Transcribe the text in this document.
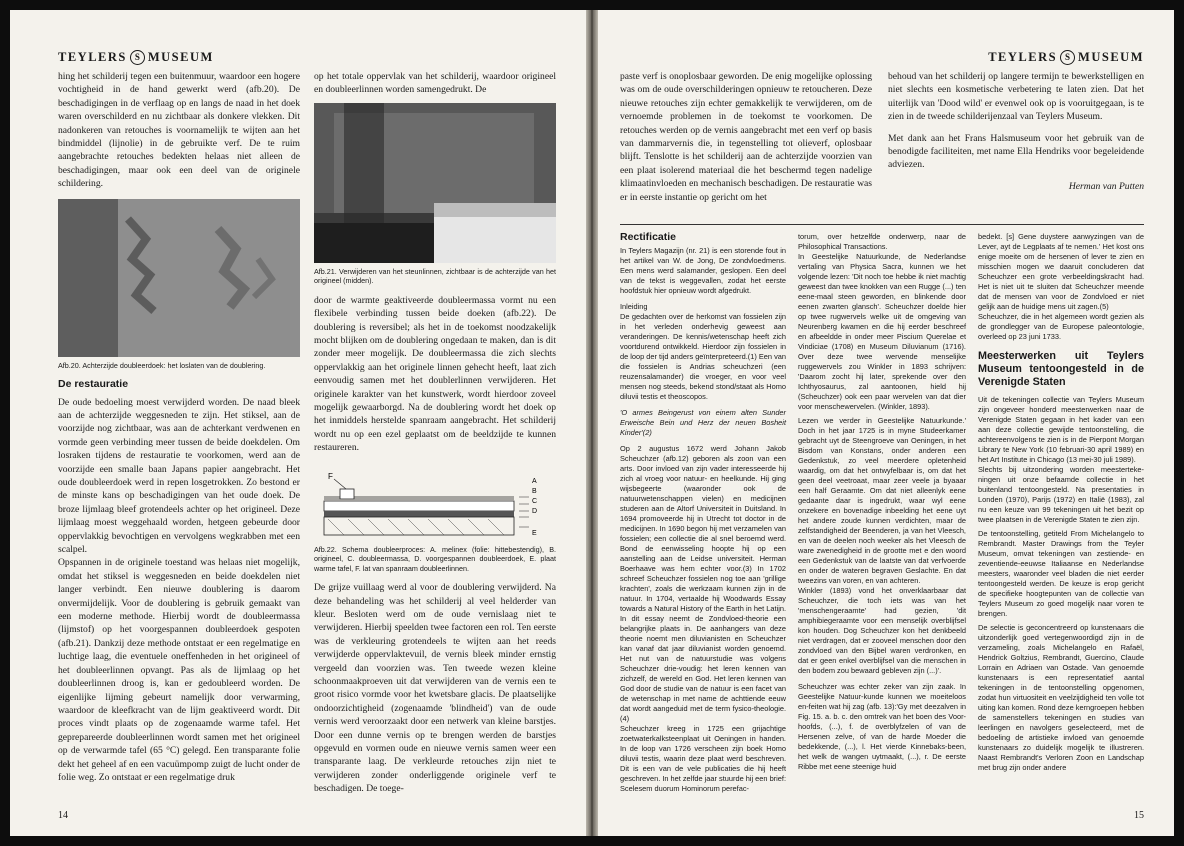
TEYLERS S MUSEUM

hing het schilderij tegen een buitenmuur, waardoor een hogere vochtigheid in de hand gewerkt werd (afb.20). De beschadigingen in de verflaag op en langs de naad in het doek waren overschilderd en nu zichtbaar als donkere vlekken. Dit nadonkeren van retouches is voornamelijk te wijten aan het bindmiddel (lijnolie) in de gebruikte verf. De te ruim aangebrachte retouches bedekten helaas niet alleen de beschadigingen, maar ook een deel van de originele schildering.

Afb.20. Achterzijde doubleerdoek: het loslaten van de doublering.
De restauratie

De oude bedoeling moest verwijderd worden. De naad bleek aan de achterzijde weggesneden te zijn. Het stiksel, aan de voorzijde nog zichtbaar, was aan de achterkant verdwenen en vormde geen verbinding meer tussen de beide doekdelen. Om losraken tijdens de restauratie te voorkomen, werd aan de voorzijde een smalle baan Japans papier aangebracht. Het oude doubleerdoek werd in repen losgetrokken. Zo bestond er de minste kans op beschadigingen van het oude doek. De broze lijmlaag bleef grotendeels achter op het origineel. Deze lijmlaag moest weggehaald worden, hetgeen gebeurde door oppervlakkig bevochtigen en vervolgens wegkrabben met een scalpel.

Opspannen in de originele toestand was helaas niet mogelijk, omdat het stiksel is weggesneden en beide doekdelen niet langer verbindt. Een nieuwe doublering is daarom onvermijdelijk. Voor de doublering is gebruik gemaakt van een moderne methode. Hierbij wordt de doubleermassa (lijmstof) op het voorgespannen doubleerdoek gespoten (afb.21). Dankzij deze methode ontstaat er een regelmatige en luchtige laag, die eventuele oneffenheden in het origineel of het doubleerlinnen opvangt. Pas als de lijmlaag op het doubleerlinnen droog is, kan er gedoubleerd worden. De eigenlijke lijming gebeurt namelijk door verwarming, waardoor de kleefkracht van de lijm geaktiveerd wordt. Dit proces vindt plaats op de zogenaamde warme tafel. Het geprepareerde doubleerlinnen wordt samen met het origineel op de verwarmde tafel (65 °C) gelegd. Een transparante folie dekt het geheel af en een vacuümpomp zuigt de lucht onder de folie weg. Zo ontstaat er een regelmatige druk

op het totale oppervlak van het schilderij, waardoor origineel en doubleerlinnen worden samengedrukt. De

Afb.21. Verwijderen van het steunlinnen, zichtbaar is de achterzijde van het origineel (midden).

door de warmte geaktiveerde doubleermassa vormt nu een flexibele verbinding tussen beide doeken (afb.22). De doublering is reversibel; als het in de toekomst noodzakelijk mocht blijken om de doublering ongedaan te maken, dan is dit zonder meer mogelijk. De doubleermassa die zich slechts oppervlakkig aan het originele linnen gehecht heeft, laat zich eenvoudig samen met het doublerlinnen verwijderen. Het originele karakter van het kunstwerk, wordt hierdoor zoveel mogelijk gewaarborgd. Na de doublering wordt het doek op het inmiddels herstelde spanraam aangebracht. Het schilderij wordt nu op een ezel geplaatst om de beeldzijde te kunnen restaureren.

F
A
B
C
D
E
Afb.22. Schema doubleerproces: A. melinex (folie: hittebestendig), B. origineel, C. doubleermassa, D. voorgespannen doubleerdoek, E. plaat warme tafel, F. lat van spanraam doubleerlinnen.

De grijze vuillaag werd al voor de doublering verwijderd. Na deze behandeling was het schilderij al veel helderder van kleur. Besloten werd om de oude vernislaag niet te verwijderen. Hierbij speelden twee factoren een rol. Ten eerste was de verkleuring grotendeels te wijten aan het reeds verwijderde oppervlaktevuil, de vernis bleek minder ernstig vergeeld dan voorzien was. Ten tweede wezen kleine schoonmaakproeven uit dat verwijderen van de vernis een te groot risico vormde voor het kwetsbare glacis. De plaatselijke ondoorzichtigheid (zogenaamde 'blindheid') van de oude vernis werd veroorzaakt door een netwerk van kleine barstjes. Door een dunne vernis op te brengen werden de barstjes opgevuld en vormen oude en nieuwe vernis samen weer een transparante laag. De verkleurde retouches zijn niet te verwijderen zonder onderliggende originele verf te beschadigen. De toege-

14
TEYLERS S MUSEUM

paste verf is onoplosbaar geworden. De enig mogelijke oplossing was om de oude overschilderingen opnieuw te retoucheren. Deze nieuwe retouches zijn echter gemakkelijk te verwijderen, om de vernoemde problemen in de toekomst te voorkomen. De retouches werden op de vernis aangebracht met een verf op basis van dammarvernis die, in tegenstelling tot olieverf, oplosbaar blijft. Tenslotte is het schilderij aan de achterzijde voorzien van een plaat isolerend materiaal die het beschermd tegen nadelige klimaatinvloeden en mechanisch beschadigen. De restauratie was er in eerste instantie op gericht om het

behoud van het schilderij op langere termijn te bewerkstelligen en niet slechts een kosmetische verbetering te laten zien. Dat het uiterlijk van 'Dood wild' er evenwel ook op is vooruitgegaan, is te zien in de tweede schilderijenzaal van Teylers Museum.

Met dank aan het Frans Halsmuseum voor het gebruik van de benodigde faciliteiten, met name Ella Hendriks voor begeleidende adviezen.

Herman van Putten
Rectificatie

In Teylers Magazijn (nr. 21) is een storende fout in het artikel van W. de Jong, De zondvloedmens. Een mens werd salamander, geslopen. Een deel van de tekst is weggevallen, zodat het eerste hoofdstuk hier opnieuw wordt afgedrukt.

Inleiding

De gedachten over de herkomst van fossielen zijn in het verleden onderhevig geweest aan veranderingen. De kennis/wetenschap heeft zich voortdurend ontwikkeld. Hierdoor zijn fossielen in de loop der tijd anders geïnterpreteerd.(1) Een van die fossielen is Andrias scheuchzeri (een reuzensalamander) die vroeger, en voor veel mensen nog steeds, bekend stond/staat als Homo diluvii testis et theoscopos.

'O armes Beingerust von einem alten Sunder Erweische Bein und Herz der neuen Bosheit Kinder'(2)

Op 2 augustus 1672 werd Johann Jakob Scheuchzer (afb.12) geboren als zoon van een arts. Door invloed van zijn vader interesseerde hij zich al vroeg voor natuur- en heelkunde. Hij ging wijsbegeerte (waaronder ook de natuurwetenschappen vielen) en medicijnen studeren aan de Altorf Universiteit in Duitsland. In 1694 promoveerde hij in Utrecht tot doctor in de medicijnen. In 1690 begon hij met verzamelen van fossielen; een collectie die al snel beroemd werd. Bond de eenwisseling hoopte hij op een aanstelling aan de Leidse universiteit. Herman Boerhaave was hem echter voor.(3) In 1702 schreef Scheuchzer fossielen nog toe aan 'grillige krachten', zoals die werkzaam kunnen zijn in de natuur. In 1704, vertaalde hij Woodwards Essay towards a Natural History of the Earth in het Latijn. In dit essay neemt de Zondvloed-theorie een belangrijke plaats in. De aanhangers van deze theorie noemt men diluvianisten en Scheuchzer kan vanaf dat jaar diluvianist worden genoemd. Het nut van de natuurstudie was volgens Scheuchzer drie-voudig: het leren kennen van zichzelf, de wereld en God. Het leren kennen van God door de studie van de natuur is een facet van de wetenschap in met name de achttiende eeuw dat wordt aangeduid met de term fysico-theologie.(4)

Scheuchzer kreeg in 1725 een grijachtige zoetwaterkalksteenplaat uit Oeningen in handen. In de loop van 1726 verscheen zijn boek Homo diluvii testis, waarin deze plaat werd beschreven. Dit is een van de vele publicaties die hij heeft geschreven. In het zelfde jaar stuurde hij een brief: Scelesem duorum Hominorum perefac-

torum, over hetzelfde onderwerp, naar de Philosophical Transactions.

In Geestelijke Natuurkunde, de Nederlandse vertaling van Physica Sacra, kunnen we het volgende lezen: 'Dit noch toe hebbe ik niet machtig geweest dan twee knokken van een Rugge (...) ten eene-maal steen geworden, en blinkende door eenen zwarten glansch'. Scheuchzer doelde hier op twee rugwervels welke uit de omgeving van Neurenberg kwamen en die hij eerder beschreef en afbeeldde in onder meer Piscium Querelae et Vindiciae (1708) en Museum Diluvianum (1716). Over deze twee wervende menselijke ruggewervels zou Winkler in 1893 schrijven: 'Daarom zocht hij later, sprekende over den Ichthyosaurus, zal aantoonen, hield hij (Scheuchzer) ook een paar wervelen van dat dier voor menschewervelen. (Winkler, 1893).

Lezen we verder in Geestelijke Natuurkunde.' Doch in het jaar 1725 is in myne Studeerkamer gebracht uyt de Steengroeve van Oeningen, in het Bisdom van Konstans, onder anderen een Gedenkstuk, zo veel meerdere opletenheid waardig, om dat het ontwyfelbaar is, om dat het geen deel veetroaat, maar zeer veele ja byaaar een half Geraamte. Om dat niet alleenlyk eene gedaante daar is ingedrukt, waar wyl eene onzekere en bovenadige inbeelding het eene uyt het andere zoude kunnen verdichten, maar de zelfstandigheid der Beenderen, ja van het Vleesch, en van de deelen noch weeker als het Vleesch de ware zwenedigheid in de grootte met e den woord een Gedenkstuk van de laatste van dat verfvoerde en onder de wateren begraven Geslachte. En dat tweezins van voren, en van achteren.

Winkler (1893) vond het onverklaarbaar dat Scheuchzer, die toch iets was van het 'menschengeraamte' had gezien, 'dit amphibiegeraamte voor een menselijk overblijfsel kon houden. Dog Scheuchzer kon het denkbeeld niet verdragen, dat er zooveel menschen door den zondvloed van den Bijbel waren verdronken, en dat er geen enkel overblijfsel van die menschen in den bodem zou bewaard gebleven zijn (...)'.

Scheuchzer was echter zeker van zijn zaak. In Geestelijke Natuur-kunde kunnen we moeiteloos en-feiten wat hij zag (afb. 13):'Gy met deezalven in Fig. 15. a. b. c. den omtrek van het boen des Voor-hoofds, (...), f. de overblyfzelen of van de Hersenen zelve, of van de harde Moeder die bedekkende, (...), l. Het vierde Kinnebaks-been, het welk de wangen uytmaakt, (...), r. De eerste Ribbe met eene steenige huid

bedekt. [s] Gene duystere aanwyzingen van de Lever, ayt de Legplaats af te nemen.' Het kost ons enige moeite om de hersenen of lever te zien en misschien mogen we daaruit concluderen dat Scheuchzer een grote verbeeldingskracht had. Het is niet uit te sluiten dat Scheuchzer meende dat de mensen van voor de Zondvloed er niet gelijk aan de huidige mens uit zagen.(5)

Scheuchzer, die in het algemeen wordt gezien als de grondlegger van de Europese paleontologie, overleed op 23 juni 1733.

Meesterwerken uit Teylers Museum tentoongesteld in de Verenigde Staten

Uit de tekeningen collectie van Teylers Museum zijn ongeveer honderd meesterwerken naar de Verenigde Staten gegaan in het kader van een aan deze collectie gewijde tentoonstelling, die achtereenvolgens te zien is in de Pierpont Morgan Library te New York (10 februari-30 april 1989) en het Art Institute in Chicago (13 mei-30 juli 1989).

Slechts bij uitzondering worden meesterteke-ningen uit onze befaamde collectie in het buitenland tentoongesteld. Na presentaties in Londen (1970), Parijs (1972) en Italië (1983), zal nu een keuze van 99 tekeningen uit het bezit op twee plaatsen in de Verenigde Staten te zien zijn.

De tentoonstelling, getiteld From Michelangelo to Rembrandt. Master Drawings from the Teyler Museum, omvat tekeningen van zestiende- en zeventiende-eeuwse Italiaanse en Nederlandse meesters, waaronder veel bladen die niet eerder tentoongesteld werden. De keuze is erop gericht de specifieke hoogtepunten van de collectie van Teylers Museum zo goed mogelijk naar voren te brengen.

De selectie is geconcentreerd op kunstenaars die uitzonderlijk goed vertegenwoordigd zijn in de verzameling, zoals Michelangelo en Rafaël, Hendrick Goltzius, Rembrandt, Guercino, Claude Lorrain en Adriaen van Ostade. Van genoemde kunstenaars is een representatief aantal tekeningen in de tentoonstelling opgenomen, zodat hun virtuositeit en veelzijdigheid ten volle tot uiting kan komen. Rond deze kerngroepen hebben de samenstellers tekeningen en studies van leerlingen en navolgers geselecteerd, met de bedoeling de artistieke invloed van genoemde kunstenaars zo duidelijk mogelijk te illustreren. Naast Rembrandt's Verloren Zoon en Landschap met brug zijn onder andere

15
